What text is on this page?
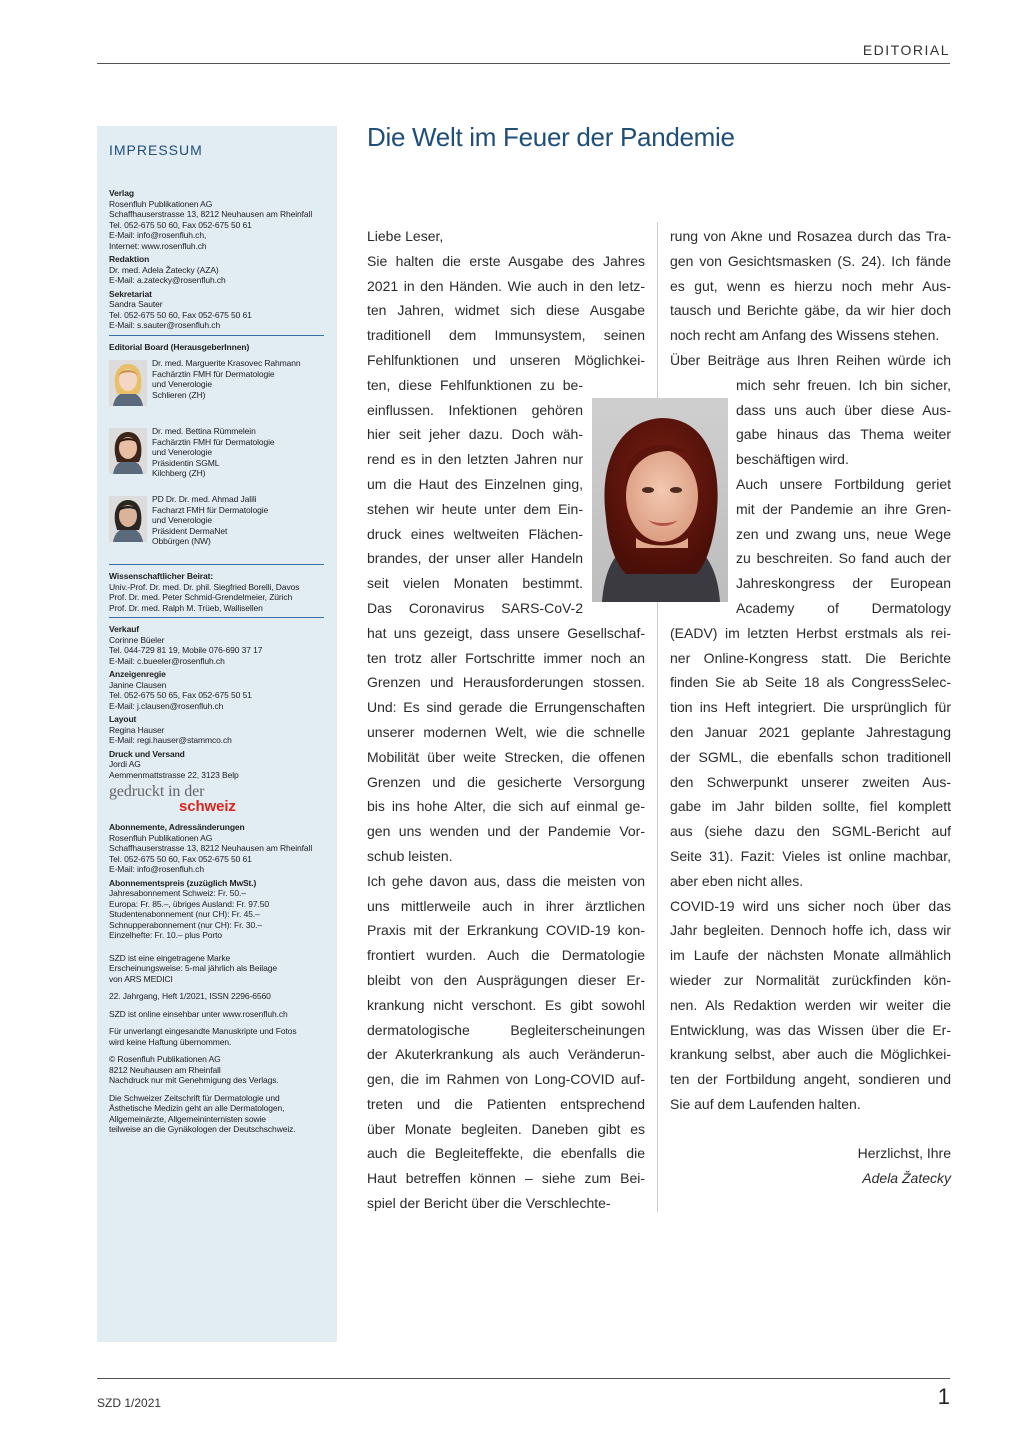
EDITORIAL
IMPRESSUM
Verlag
Rosenfluh Publikationen AG
Schaffhauserstrasse 13, 8212 Neuhausen am Rheinfall
Tel. 052-675 50 60, Fax 052-675 50 61
E-Mail: info@rosenfluh.ch,
Internet: www.rosenfluh.ch
Redaktion
Dr. med. Adela Žatecky (AZA)
E-Mail: a.zatecky@rosenfluh.ch
Sekretariat
Sandra Sauter
Tel. 052-675 50 60, Fax 052-675 50 61
E-Mail: s.sauter@rosenfluh.ch
Editorial Board (HerausgeberInnen)
Dr. med. Marguerite Krasovec Rahmann
Fachärztin FMH für Dermatologie
und Venerologie
Schlieren (ZH)
Dr. med. Bettina Rümmelein
Fachärztin FMH für Dermatologie
und Venerologie
Präsidentin SGML
Kilchberg (ZH)
PD Dr. Dr. med. Ahmad Jalili
Facharzt FMH für Dermatologie
und Venerologie
Präsident DermaNet
Obbürgen (NW)
Wissenschaftlicher Beirat:
Univ.-Prof. Dr. med. Dr. phil. Siegfried Borelli, Davos
Prof. Dr. med. Peter Schmid-Grendelmeier, Zürich
Prof. Dr. med. Ralph M. Trüeb, Wallisellen
Verkauf
Corinne Büeler
Tel. 044-729 81 19, Mobile 076-690 37 17
E-Mail: c.bueeler@rosenfluh.ch
Anzeigenregie
Janine Clausen
Tel. 052-675 50 65, Fax 052-675 50 51
E-Mail: j.clausen@rosenfluh.ch
Layout
Regina Hauser
E-Mail: regi.hauser@stammco.ch
Druck und Versand
Jordi AG
Aemmenmattstrasse 22, 3123 Belp
gedruckt in der
schweiz
Abonnemente, Adressänderungen
Rosenfluh Publikationen AG
Schaffhauserstrasse 13, 8212 Neuhausen am Rheinfall
Tel. 052-675 50 60, Fax 052-675 50 61
E-Mail: info@rosenfluh.ch
Abonnementspreis (zuzüglich MwSt.)
Jahresabonnement Schweiz: Fr. 50.–
Europa: Fr. 85.–, übriges Ausland: Fr. 97.50
Studentenabonnement (nur CH): Fr. 45.–
Schnupperabonnement (nur CH): Fr. 30.–
Einzelhefte: Fr. 10.– plus Porto

SZD ist eine eingetragene Marke
Erscheinungsweise: 5-mal jährlich als Beilage
von ARS MEDICI

22. Jahrgang, Heft 1/2021, ISSN 2296-6560

SZD ist online einsehbar unter www.rosenfluh.ch

Für unverlangt eingesandte Manuskripte und Fotos
wird keine Haftung übernommen.

© Rosenfluh Publikationen AG
8212 Neuhausen am Rheinfall
Nachdruck nur mit Genehmigung des Verlags.

Die Schweizer Zeitschrift für Dermatologie und
Ästhetische Medizin geht an alle Dermatologen,
Allgemeinärzte, Allgemeininternisten sowie
teilweise an die Gynäkologen der Deutschschweiz.

Die Welt im Feuer der Pandemie
Liebe Leser,
Sie halten die erste Ausgabe des Jahres
2021 in den Händen. Wie auch in den letz-
ten Jahren, widmet sich diese Ausgabe
traditionell dem Immunsystem, seinen
Fehlfunktionen und unseren Möglichkei-
ten, diese Fehlfunktionen zu be-
einflussen. Infektionen gehören
hier seit jeher dazu. Doch wäh-
rend es in den letzten Jahren nur
um die Haut des Einzelnen ging,
stehen wir heute unter dem Ein-
druck eines weltweiten Flächen-
brandes, der unser aller Handeln
seit vielen Monaten bestimmt.
Das Coronavirus SARS-CoV-2
hat uns gezeigt, dass unsere Gesellschaf-
ten trotz aller Fortschritte immer noch an
Grenzen und Herausforderungen stossen.
Und: Es sind gerade die Errungenschaften
unserer modernen Welt, wie die schnelle
Mobilität über weite Strecken, die offenen
Grenzen und die gesicherte Versorgung
bis ins hohe Alter, die sich auf einmal ge-
gen uns wenden und der Pandemie Vor-
schub leisten.
Ich gehe davon aus, dass die meisten von
uns mittlerweile auch in ihrer ärztlichen
Praxis mit der Erkrankung COVID-19 kon-
frontiert wurden. Auch die Dermatologie
bleibt von den Ausprägungen dieser Er-
krankung nicht verschont. Es gibt sowohl
dermatologische Begleiterscheinungen
der Akuterkrankung als auch Veränderun-
gen, die im Rahmen von Long-COVID auf-
treten und die Patienten entsprechend
über Monate begleiten. Daneben gibt es
auch die Begleiteffekte, die ebenfalls die
Haut betreffen können – siehe zum Bei-
spiel der Bericht über die Verschlechte-
rung von Akne und Rosazea durch das Tra-
gen von Gesichtsmasken (S. 24). Ich fände
es gut, wenn es hierzu noch mehr Aus-
tausch und Berichte gäbe, da wir hier doch
noch recht am Anfang des Wissens stehen.
Über Beiträge aus Ihren Reihen würde ich
mich sehr freuen. Ich bin sicher,
dass uns auch über diese Aus-
gabe hinaus das Thema weiter
beschäftigen wird.
Auch unsere Fortbildung geriet
mit der Pandemie an ihre Gren-
zen und zwang uns, neue Wege
zu beschreiten. So fand auch der
Jahreskongress der European
Academy of Dermatology
(EADV) im letzten Herbst erstmals als rei-
ner Online-Kongress statt. Die Berichte
finden Sie ab Seite 18 als CongressSelec-
tion ins Heft integriert. Die ursprünglich für
den Januar 2021 geplante Jahrestagung
der SGML, die ebenfalls schon traditionell
den Schwerpunkt unserer zweiten Aus-
gabe im Jahr bilden sollte, fiel komplett
aus (siehe dazu den SGML-Bericht auf
Seite 31). Fazit: Vieles ist online machbar,
aber eben nicht alles.
COVID-19 wird uns sicher noch über das
Jahr begleiten. Dennoch hoffe ich, dass wir
im Laufe der nächsten Monate allmählich
wieder zur Normalität zurückfinden kön-
nen. Als Redaktion werden wir weiter die
Entwicklung, was das Wissen über die Er-
krankung selbst, aber auch die Möglichkei-
ten der Fortbildung angeht, sondieren und
Sie auf dem Laufenden halten.

Herzlichst, Ihre
Adela Žatecky
SZD 1/2021	1
